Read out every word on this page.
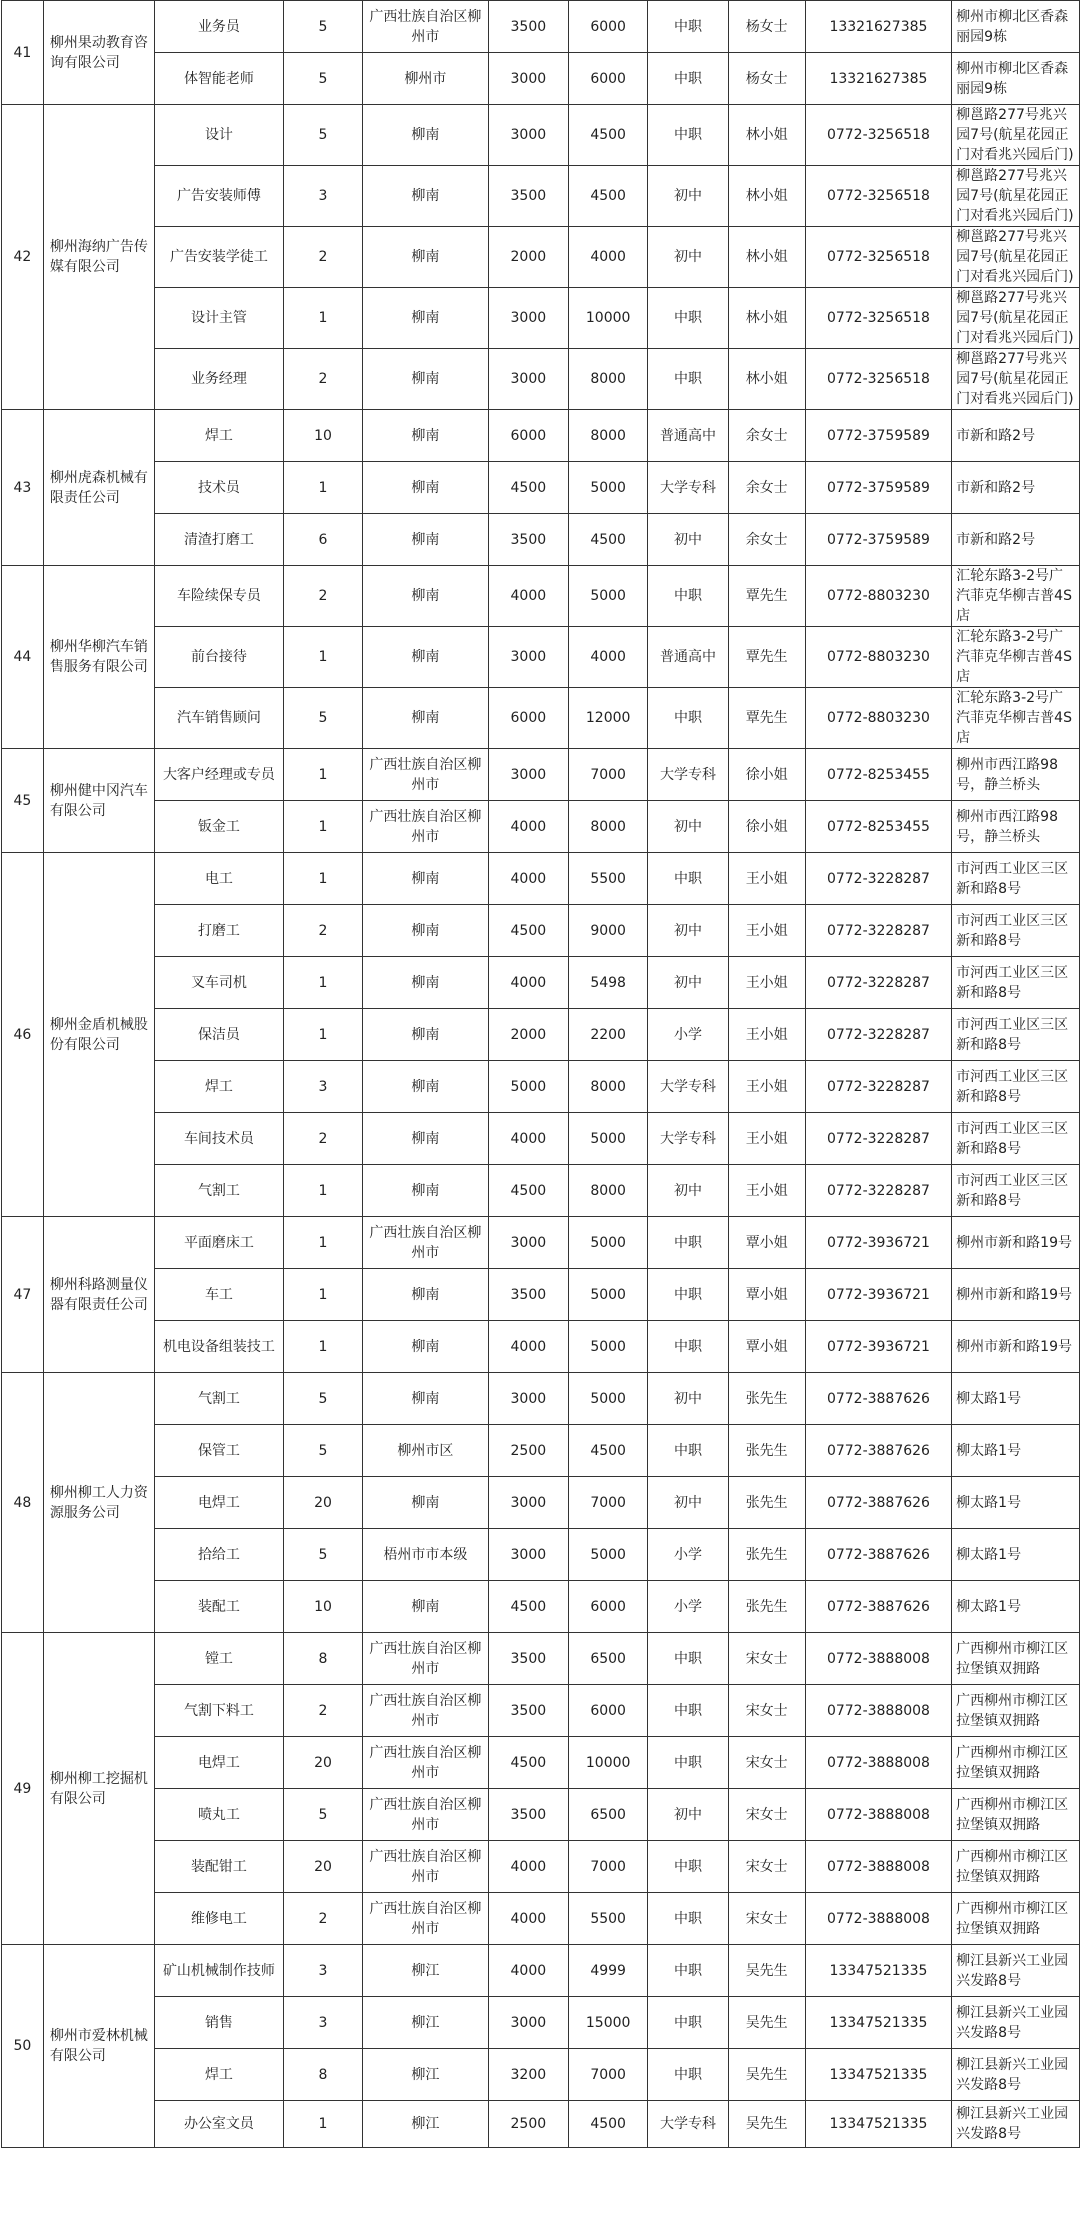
41	柳州果动教育咨询有限公司	业务员	5	广西壮族自治区柳州市	3500	6000	中职	杨女士	13321627385	柳州市柳北区香森丽园9栋
		体智能老师	5	柳州市	3000	6000	中职	杨女士	13321627385	柳州市柳北区香森丽园9栋
42	柳州海纳广告传媒有限公司	设计	5	柳南	3000	4500	中职	林小姐	0772-3256518	柳邕路277号兆兴园7号(航星花园正门对看兆兴园后门)
		广告安装师傅	3	柳南	3500	4500	初中	林小姐	0772-3256518	柳邕路277号兆兴园7号(航星花园正门对看兆兴园后门)
		广告安装学徒工	2	柳南	2000	4000	初中	林小姐	0772-3256518	柳邕路277号兆兴园7号(航星花园正门对看兆兴园后门)
		设计主管	1	柳南	3000	10000	中职	林小姐	0772-3256518	柳邕路277号兆兴园7号(航星花园正门对看兆兴园后门)
		业务经理	2	柳南	3000	8000	中职	林小姐	0772-3256518	柳邕路277号兆兴园7号(航星花园正门对看兆兴园后门)
43	柳州虎森机械有限责任公司	焊工	10	柳南	6000	8000	普通高中	余女士	0772-3759589	市新和路2号
		技术员	1	柳南	4500	5000	大学专科	余女士	0772-3759589	市新和路2号
		清渣打磨工	6	柳南	3500	4500	初中	余女士	0772-3759589	市新和路2号
44	柳州华柳汽车销售服务有限公司	车险续保专员	2	柳南	4000	5000	中职	覃先生	0772-8803230	汇轮东路3-2号广汽菲克华柳吉普4S店
		前台接待	1	柳南	3000	4000	普通高中	覃先生	0772-8803230	汇轮东路3-2号广汽菲克华柳吉普4S店
		汽车销售顾问	5	柳南	6000	12000	中职	覃先生	0772-8803230	汇轮东路3-2号广汽菲克华柳吉普4S店
45	柳州健中冈汽车有限公司	大客户经理或专员	1	广西壮族自治区柳州市	3000	7000	大学专科	徐小姐	0772-8253455	柳州市西江路98号，静兰桥头
		钣金工	1	广西壮族自治区柳州市	4000	8000	初中	徐小姐	0772-8253455	柳州市西江路98号，静兰桥头
46	柳州金盾机械股份有限公司	电工	1	柳南	4000	5500	中职	王小姐	0772-3228287	市河西工业区三区新和路8号
		打磨工	2	柳南	4500	9000	初中	王小姐	0772-3228287	市河西工业区三区新和路8号
		叉车司机	1	柳南	4000	5498	初中	王小姐	0772-3228287	市河西工业区三区新和路8号
		保洁员	1	柳南	2000	2200	小学	王小姐	0772-3228287	市河西工业区三区新和路8号
		焊工	3	柳南	5000	8000	大学专科	王小姐	0772-3228287	市河西工业区三区新和路8号
		车间技术员	2	柳南	4000	5000	大学专科	王小姐	0772-3228287	市河西工业区三区新和路8号
		气割工	1	柳南	4500	8000	初中	王小姐	0772-3228287	市河西工业区三区新和路8号
47	柳州科路测量仪器有限责任公司	平面磨床工	1	广西壮族自治区柳州市	3000	5000	中职	覃小姐	0772-3936721	柳州市新和路19号
		车工	1	柳南	3500	5000	中职	覃小姐	0772-3936721	柳州市新和路19号
		机电设备组装技工	1	柳南	4000	5000	中职	覃小姐	0772-3936721	柳州市新和路19号
48	柳州柳工人力资源服务公司	气割工	5	柳南	3000	5000	初中	张先生	0772-3887626	柳太路1号
		保管工	5	柳州市区	2500	4500	中职	张先生	0772-3887626	柳太路1号
		电焊工	20	柳南	3000	7000	初中	张先生	0772-3887626	柳太路1号
		拾给工	5	梧州市市本级	3000	5000	小学	张先生	0772-3887626	柳太路1号
		装配工	10	柳南	4500	6000	小学	张先生	0772-3887626	柳太路1号
49	柳州柳工挖掘机有限公司	镗工	8	广西壮族自治区柳州市	3500	6500	中职	宋女士	0772-3888008	广西柳州市柳江区拉堡镇双拥路
		气割下料工	2	广西壮族自治区柳州市	3500	6000	中职	宋女士	0772-3888008	广西柳州市柳江区拉堡镇双拥路
		电焊工	20	广西壮族自治区柳州市	4500	10000	中职	宋女士	0772-3888008	广西柳州市柳江区拉堡镇双拥路
		喷丸工	5	广西壮族自治区柳州市	3500	6500	初中	宋女士	0772-3888008	广西柳州市柳江区拉堡镇双拥路
		装配钳工	20	广西壮族自治区柳州市	4000	7000	中职	宋女士	0772-3888008	广西柳州市柳江区拉堡镇双拥路
		维修电工	2	广西壮族自治区柳州市	4000	5500	中职	宋女士	0772-3888008	广西柳州市柳江区拉堡镇双拥路
50	柳州市爱林机械有限公司	矿山机械制作技师	3	柳江	4000	4999	中职	吴先生	13347521335	柳江县新兴工业园兴发路8号
		销售	3	柳江	3000	15000	中职	吴先生	13347521335	柳江县新兴工业园兴发路8号
		焊工	8	柳江	3200	7000	中职	吴先生	13347521335	柳江县新兴工业园兴发路8号
		办公室文员	1	柳江	2500	4500	大学专科	吴先生	13347521335	柳江县新兴工业园兴发路8号
